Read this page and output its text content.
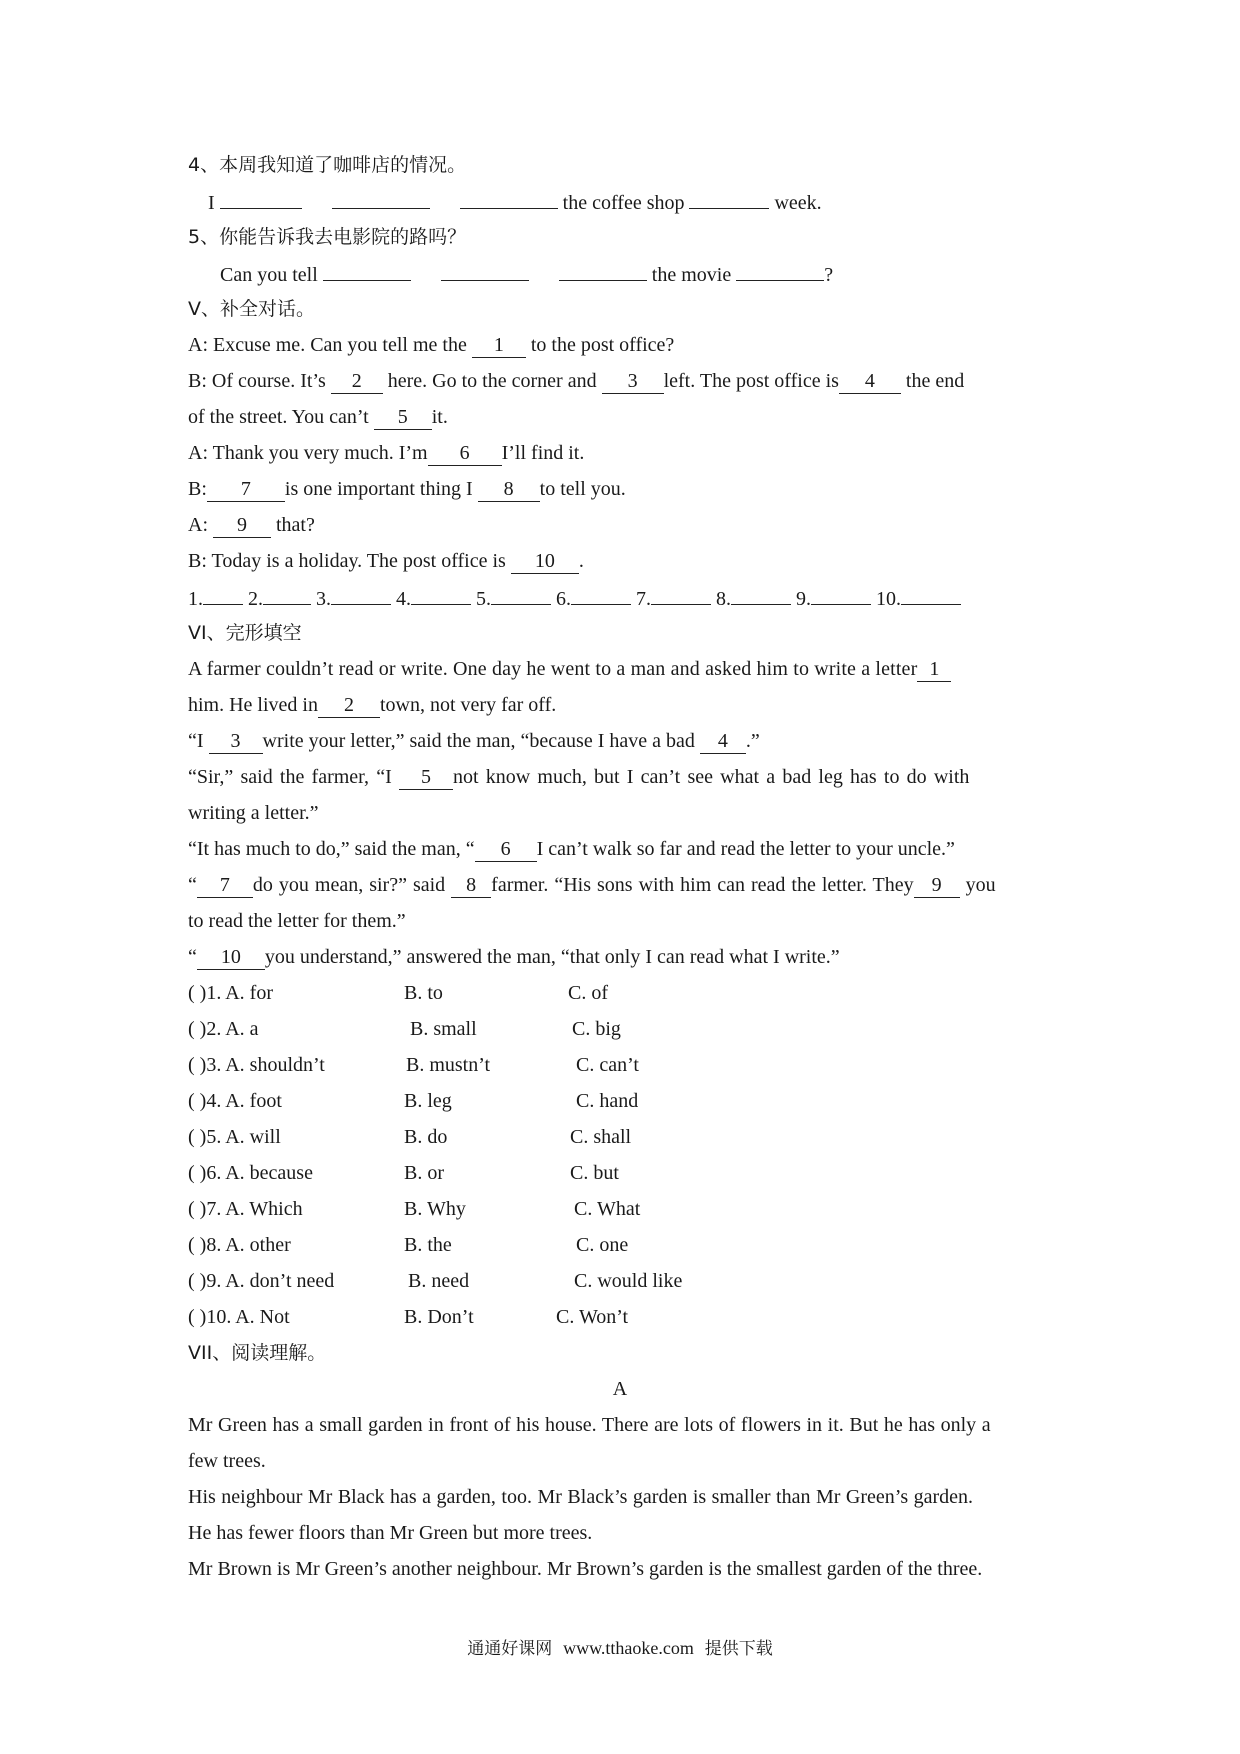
4、本周我知道了咖啡店的情况。
I	the coffee shop	week.
5、你能告诉我去电影院的路吗？
Can you tell	the movie	?
V、补全对话。
A: Excuse me. Can you tell me the 1 to the post office?
B: Of course. It’s 2 here. Go to the corner and 3 left. The post office is 4 the end
of the street. You can’t 5 it.
A: Thank you very much. I’m 6 I’ll find it.
B: 7 is one important thing I 8 to tell you.
A: 9 that?
B: Today is a holiday. The post office is 10 .
1. 2.	3.	4.	5.	6.	7.	8.	9.	10.
VI、完形填空
A farmer couldn’t read or write. One day he went to a man and asked him to write a letter 1
him. He lived in 2 town, not very far off.
“I 3 write your letter,” said the man, “because I have a bad 4 .”
“Sir,” said the farmer, “I 5 not know much, but I can’t see what a bad leg has to do with
writing a letter.”
“It has much to do,” said the man, “ 6 I can’t walk so far and read the letter to your uncle.”
“ 7 do you mean, sir?” said 8 farmer. “His sons with him can read the letter. They 9 you
to read the letter for them.”
“ 10 you understand,” answered the man, “that only I can read what I write.”
( )1. A. for	B. to	C. of
( )2. A. a	B. small	C. big
( )3. A. shouldn’t	B. mustn’t	C. can’t
( )4. A. foot	B. leg	C. hand
( )5. A. will	B. do	C. shall
( )6. A. because	B. or	C. but
( )7. A. Which	B. Why	C. What
( )8. A. other	B. the	C. one
( )9. A. don’t need	B. need	C. would like
( )10. A. Not	B. Don’t	C. Won’t
VII、阅读理解。
A
Mr Green has a small garden in front of his house. There are lots of flowers in it. But he has only a
few trees.
His neighbour Mr Black has a garden, too. Mr Black’s garden is smaller than Mr Green’s garden.
He has fewer floors than Mr Green but more trees.
Mr Brown is Mr Green’s another neighbour. Mr Brown’s garden is the smallest garden of the three.
通通好课网 www.tthaoke.com 提供下载
